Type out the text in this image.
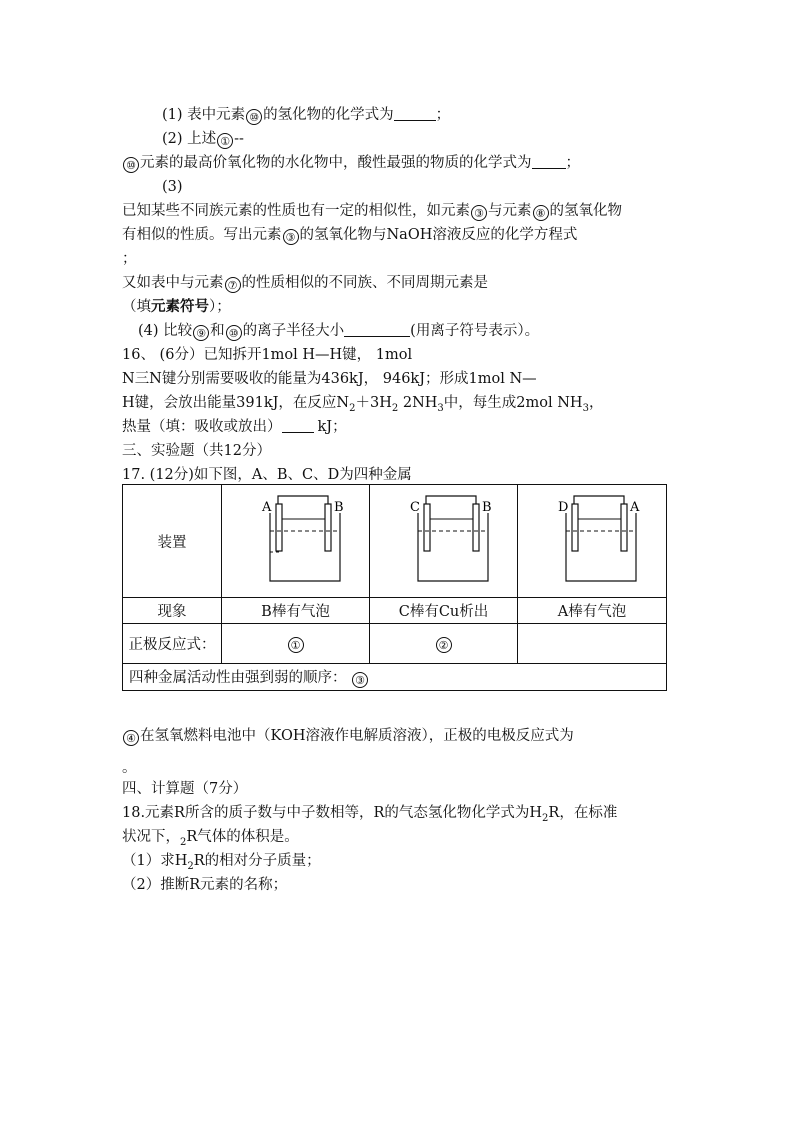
(1) 表中元素 ⑩ 的氢化物的化学式为	；
(2) 上述 ① --
⑩ 元素的最高价氧化物的水化物中，酸性最强的物质的化学式为 ；
(3)
已知某些不同族元素的性质也有一定的相似性，如元素 ③ 与元素 ⑧ 的氢氧化物
有相似的性质。写出元素 ③ 的氢氧化物与NaOH溶液反应的化学方程式
；
又如表中与元素 ⑦ 的性质相似的不同族、不同周期元素是
（填元素符号）；
(4) 比较 ⑨ 和 ⑩ 的离子半径大小	(用离子符号表示）。
16、 (6分）已知拆开1mol H—H键， 1mol
N三N键分别需要吸收的能量为436kJ， 946kJ；形成1mol N—
H键，会放出能量391kJ，在反应$N_2+3H_2$ $2NH_3$中，每生成2mol $NH_3$，
热量（填：吸收或放出） kJ；
三、实验题（共12分）
17. (12分)如下图，A、B、C、D为四种金属
装置	A B	C B	D A

现象	B棒有气泡	C棒有Cu析出	A棒有气泡
正极反应式：	①	②	
四种金属活动性由强到弱的顺序： ③			
④ 在氢氧燃料电池中（KOH溶液作电解质溶液），正极的电极反应式为
。
四、计算题（7分）
18.元素R所含的质子数与中子数相等，R的气态氢化物化学式为$H_2R$，在标准
状况下，$_2$R气体的体积是。
（1）求$H_2R$的相对分子质量；
（2）推断R元素的名称；
